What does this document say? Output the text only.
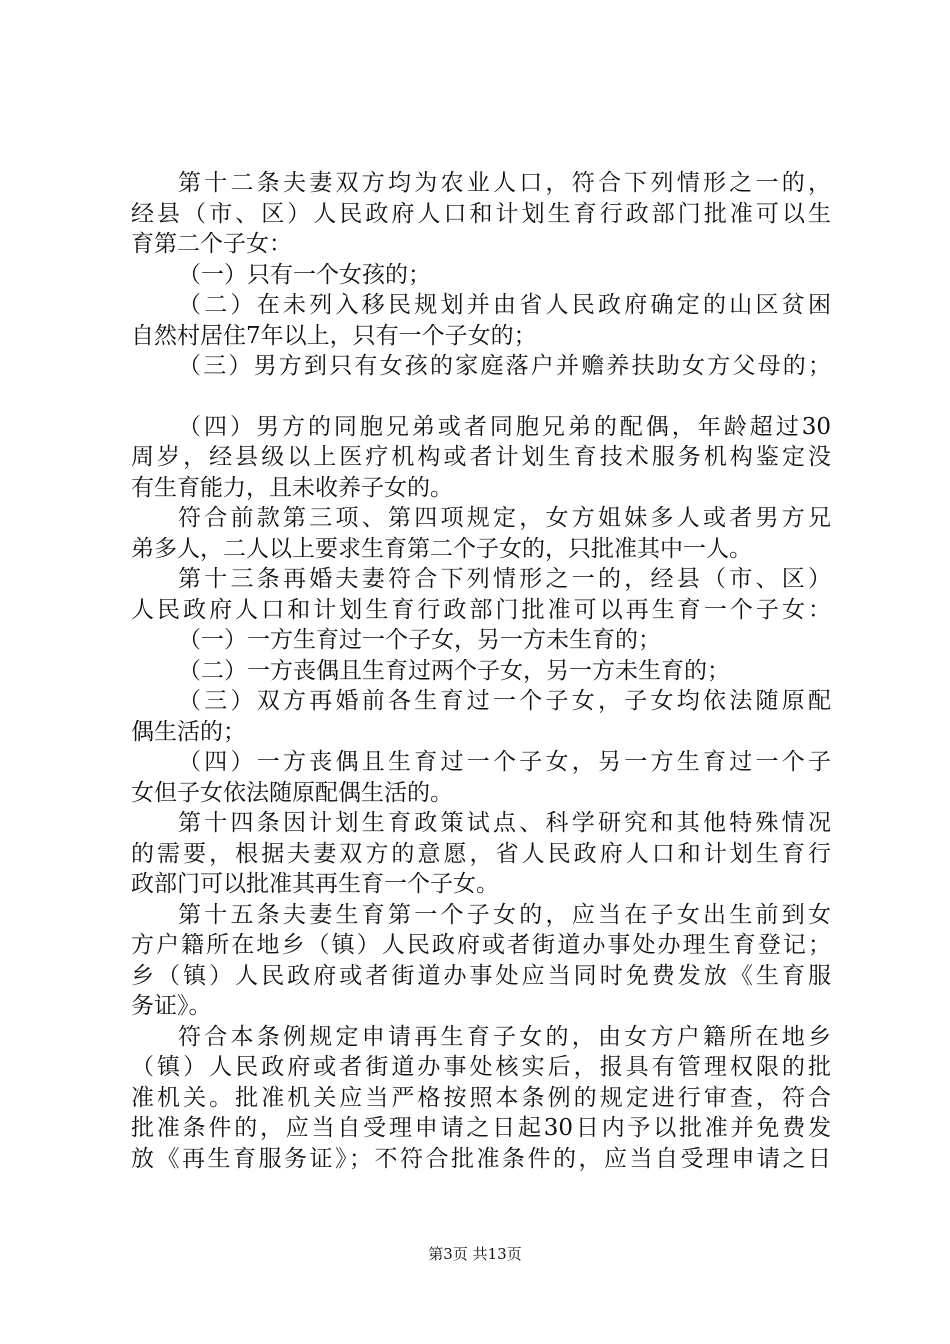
第十二条夫妻双方均为农业人口，符合下列情形之一的，
经县（市、区）人民政府人口和计划生育行政部门批准可以生
育第二个子女：
（一）只有一个女孩的；
（二）在未列入移民规划并由省人民政府确定的山区贫困
自然村居住7年以上，只有一个子女的；
（三）男方到只有女孩的家庭落户并赡养扶助女方父母的；
（四）男方的同胞兄弟或者同胞兄弟的配偶，年龄超过30
周岁，经县级以上医疗机构或者计划生育技术服务机构鉴定没
有生育能力，且未收养子女的。
符合前款第三项、第四项规定，女方姐妹多人或者男方兄
弟多人，二人以上要求生育第二个子女的，只批准其中一人。
第十三条再婚夫妻符合下列情形之一的，经县（市、区）
人民政府人口和计划生育行政部门批准可以再生育一个子女：
（一）一方生育过一个子女，另一方未生育的；
（二）一方丧偶且生育过两个子女，另一方未生育的；
（三）双方再婚前各生育过一个子女，子女均依法随原配
偶生活的；
（四）一方丧偶且生育过一个子女，另一方生育过一个子
女但子女依法随原配偶生活的。
第十四条因计划生育政策试点、科学研究和其他特殊情况
的需要，根据夫妻双方的意愿，省人民政府人口和计划生育行
政部门可以批准其再生育一个子女。
第十五条夫妻生育第一个子女的，应当在子女出生前到女
方户籍所在地乡（镇）人民政府或者街道办事处办理生育登记；
乡（镇）人民政府或者街道办事处应当同时免费发放《生育服
务证》。
符合本条例规定申请再生育子女的，由女方户籍所在地乡
（镇）人民政府或者街道办事处核实后，报具有管理权限的批
准机关。批准机关应当严格按照本条例的规定进行审查，符合
批准条件的，应当自受理申请之日起30日内予以批准并免费发
放《再生育服务证》；不符合批准条件的，应当自受理申请之日
第3页 共13页
